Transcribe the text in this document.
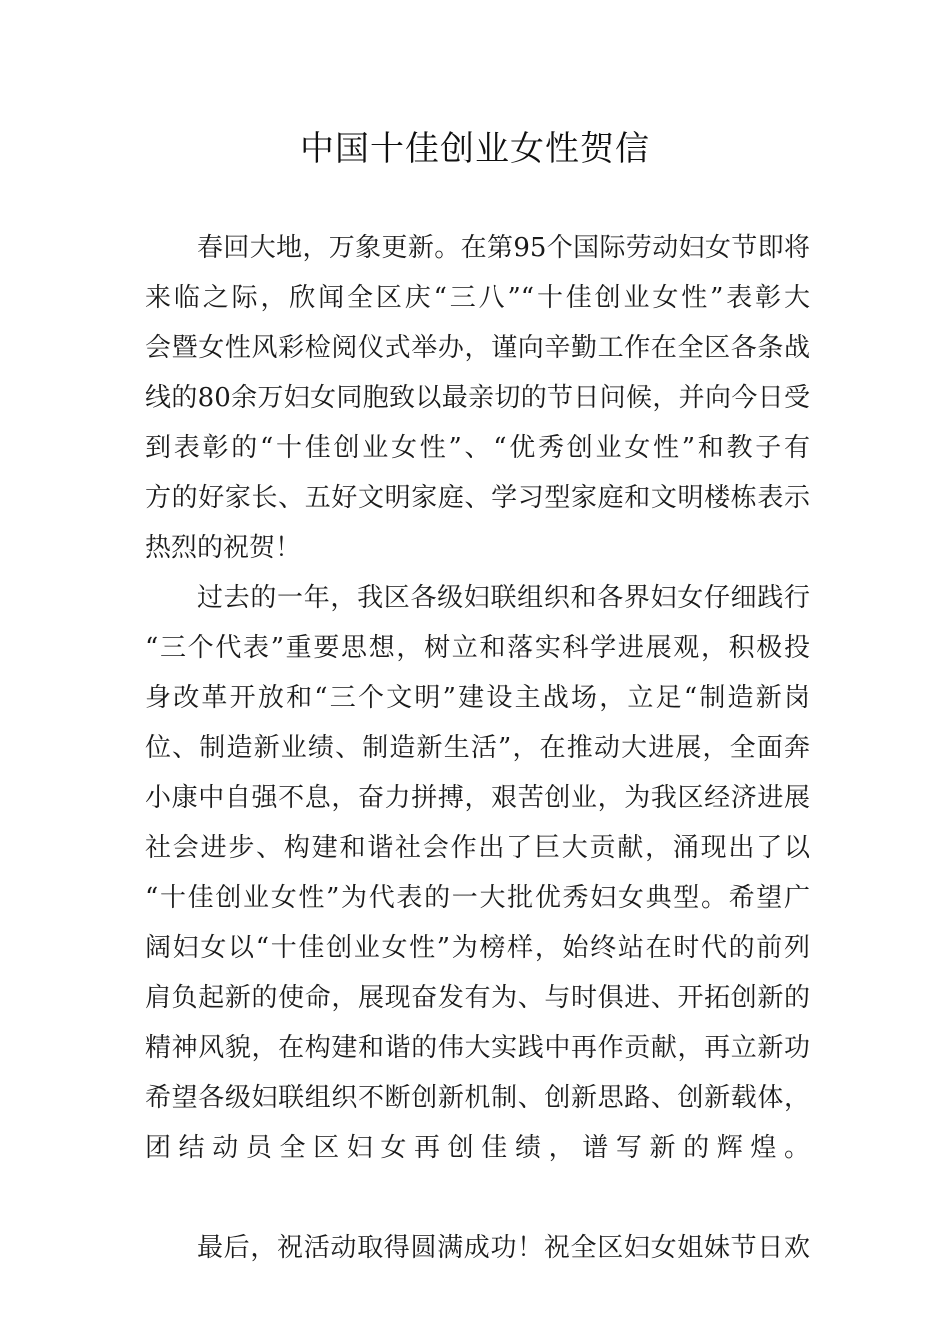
中国十佳创业女性贺信
春回大地，万象更新。在第95个国际劳动妇女节即将
来临之际，欣闻全区庆“三八”“十佳创业女性”表彰大
会暨女性风彩检阅仪式举办，谨向辛勤工作在全区各条战
线的80余万妇女同胞致以最亲切的节日问候，并向今日受
到表彰的“十佳创业女性”、“优秀创业女性”和教子有
方的好家长、五好文明家庭、学习型家庭和文明楼栋表示
热烈的祝贺！
过去的一年，我区各级妇联组织和各界妇女仔细践行
“三个代表”重要思想，树立和落实科学进展观，积极投
身改革开放和“三个文明”建设主战场，立足“制造新岗
位、制造新业绩、制造新生活”，在推动大进展，全面奔
小康中自强不息，奋力拼搏，艰苦创业，为我区经济进展
社会进步、构建和谐社会作出了巨大贡献，涌现出了以
“十佳创业女性”为代表的一大批优秀妇女典型。希望广
阔妇女以“十佳创业女性”为榜样，始终站在时代的前列
肩负起新的使命，展现奋发有为、与时俱进、开拓创新的
精神风貌，在构建和谐的伟大实践中再作贡献，再立新功
希望各级妇联组织不断创新机制、创新思路、创新载体，
团结动员全区妇女再创佳绩，谱写新的辉煌。
最后，祝活动取得圆满成功！祝全区妇女姐妹节日欢
